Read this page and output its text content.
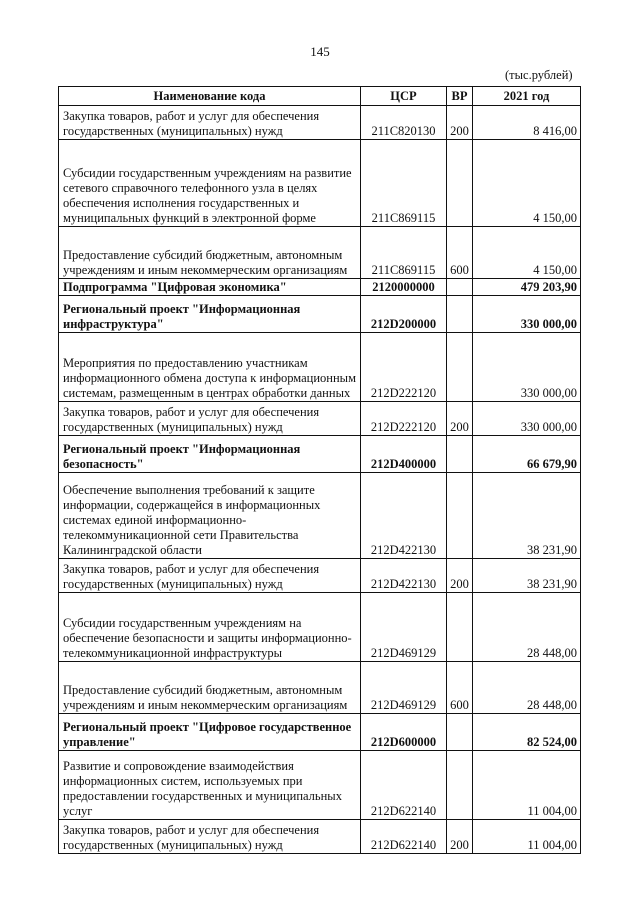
145
(тыс.рублей)
Наименование кода	ЦСР	ВР	2021 год
Закупка товаров, работ и услуг для обеспечения государственных (муниципальных) нужд	211C820130	200	8 416,00
Субсидии государственным учреждениям на развитие сетевого справочного телефонного узла в целях обеспечения исполнения государственных и муниципальных функций в электронной форме	211C869115		4 150,00
Предоставление субсидий бюджетным, автономным учреждениям и иным некоммерческим организациям	211C869115	600	4 150,00
Подпрограмма "Цифровая экономика"	2120000000		479 203,90
Региональный проект "Информационная инфраструктура"	212D200000		330 000,00
Мероприятия по предоставлению участникам информационного обмена доступа к информационным системам, размещенным в центрах обработки данных	212D222120		330 000,00
Закупка товаров, работ и услуг для обеспечения государственных (муниципальных) нужд	212D222120	200	330 000,00
Региональный проект "Информационная безопасность"	212D400000		66 679,90
Обеспечение выполнения требований к защите информации, содержащейся в информационных системах единой информационно-телекоммуникационной сети Правительства Калининградской области	212D422130		38 231,90
Закупка товаров, работ и услуг для обеспечения государственных (муниципальных) нужд	212D422130	200	38 231,90
Субсидии государственным учреждениям на обеспечение безопасности и защиты информационно-телекоммуникационной инфраструктуры	212D469129		28 448,00
Предоставление субсидий бюджетным, автономным учреждениям и иным некоммерческим организациям	212D469129	600	28 448,00
Региональный проект "Цифровое государственное управление"	212D600000		82 524,00
Развитие и сопровождение взаимодействия информационных систем, используемых при предоставлении государственных и муниципальных услуг	212D622140		11 004,00
Закупка товаров, работ и услуг для обеспечения государственных (муниципальных) нужд	212D622140	200	11 004,00
